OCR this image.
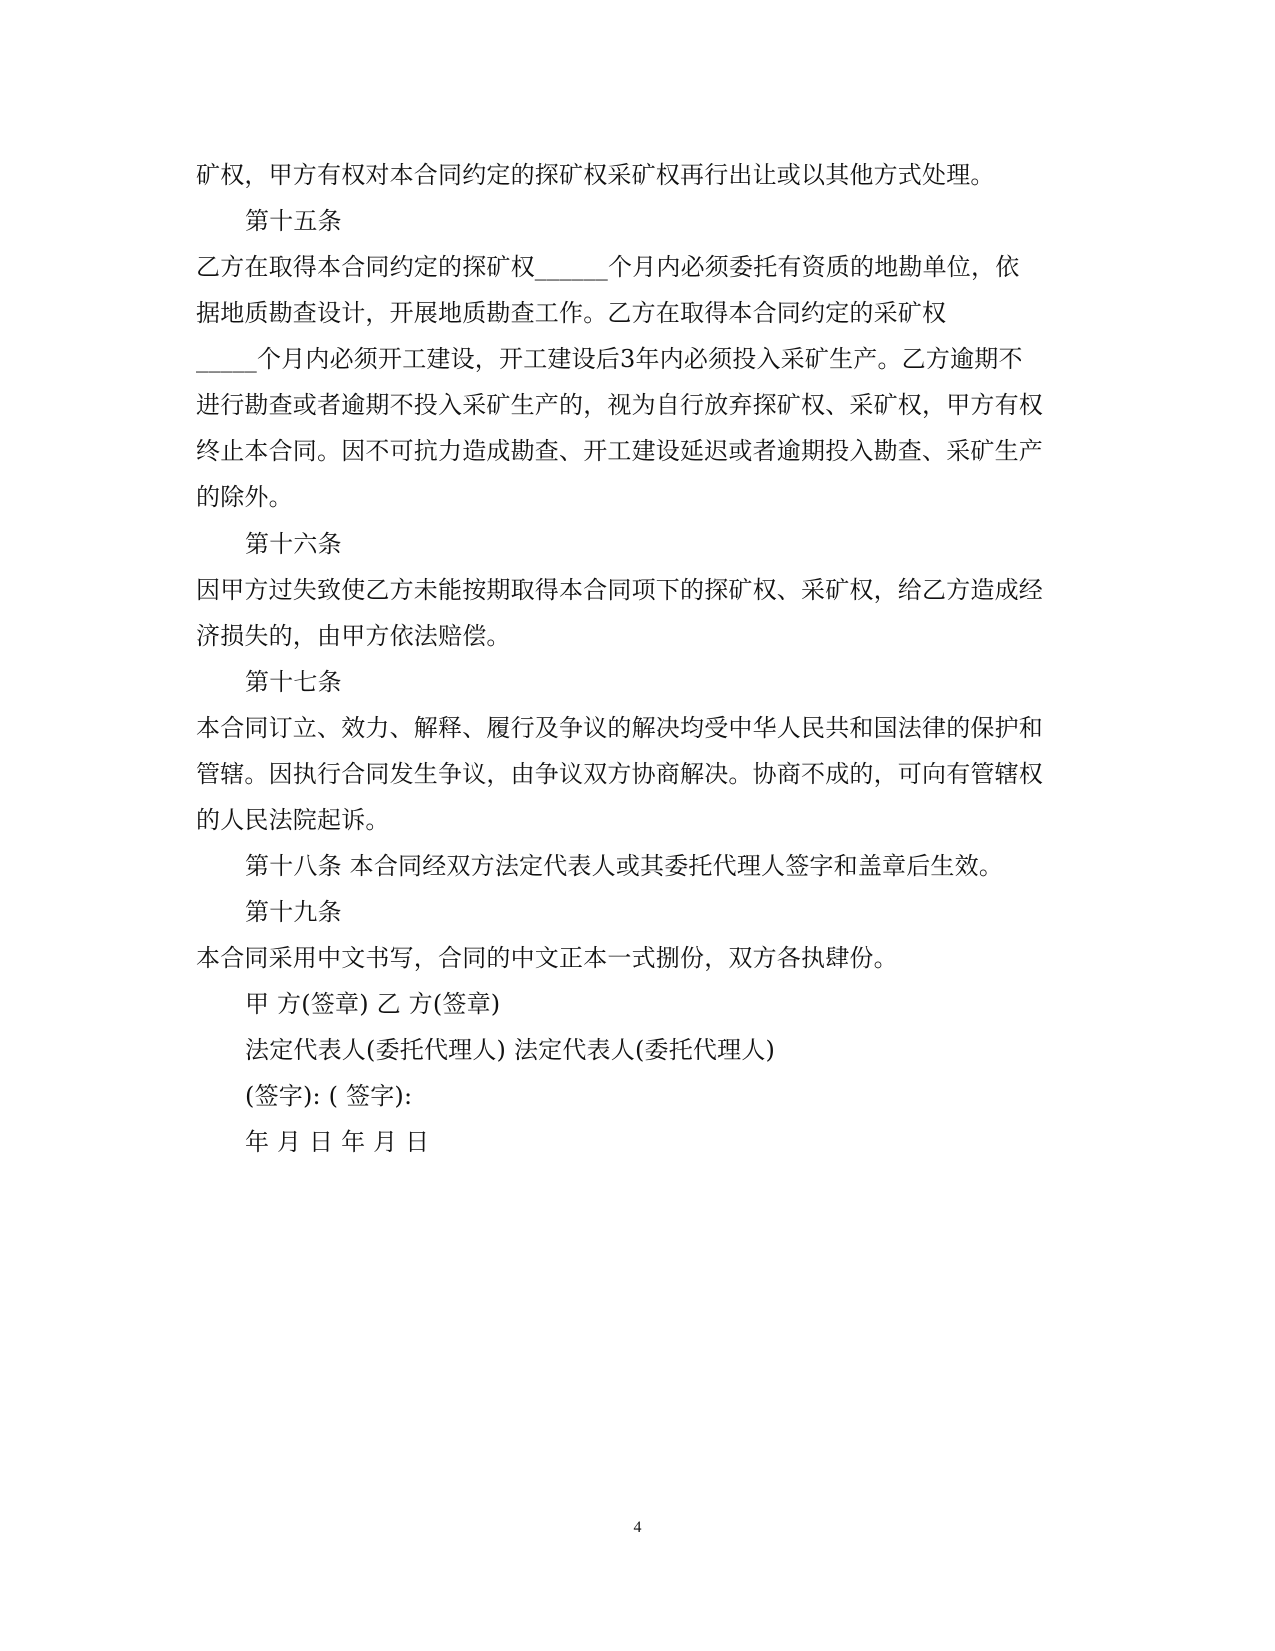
矿权，甲方有权对本合同约定的探矿权采矿权再行出让或以其他方式处理。
第十五条
乙方在取得本合同约定的探矿权______个月内必须委托有资质的地勘单位，依
据地质勘查设计，开展地质勘查工作。乙方在取得本合同约定的采矿权
_____个月内必须开工建设，开工建设后3年内必须投入采矿生产。乙方逾期不
进行勘查或者逾期不投入采矿生产的，视为自行放弃探矿权、采矿权，甲方有权
终止本合同。因不可抗力造成勘查、开工建设延迟或者逾期投入勘查、采矿生产
的除外。
第十六条
因甲方过失致使乙方未能按期取得本合同项下的探矿权、采矿权，给乙方造成经
济损失的，由甲方依法赔偿。
第十七条
本合同订立、效力、解释、履行及争议的解决均受中华人民共和国法律的保护和
管辖。因执行合同发生争议，由争议双方协商解决。协商不成的，可向有管辖权
的人民法院起诉。
第十八条 本合同经双方法定代表人或其委托代理人签字和盖章后生效。
第十九条
本合同采用中文书写，合同的中文正本一式捌份，双方各执肆份。
甲 方(签章) 乙 方(签章)
法定代表人(委托代理人) 法定代表人(委托代理人)
(签字): ( 签字):
年 月 日 年 月 日
4
